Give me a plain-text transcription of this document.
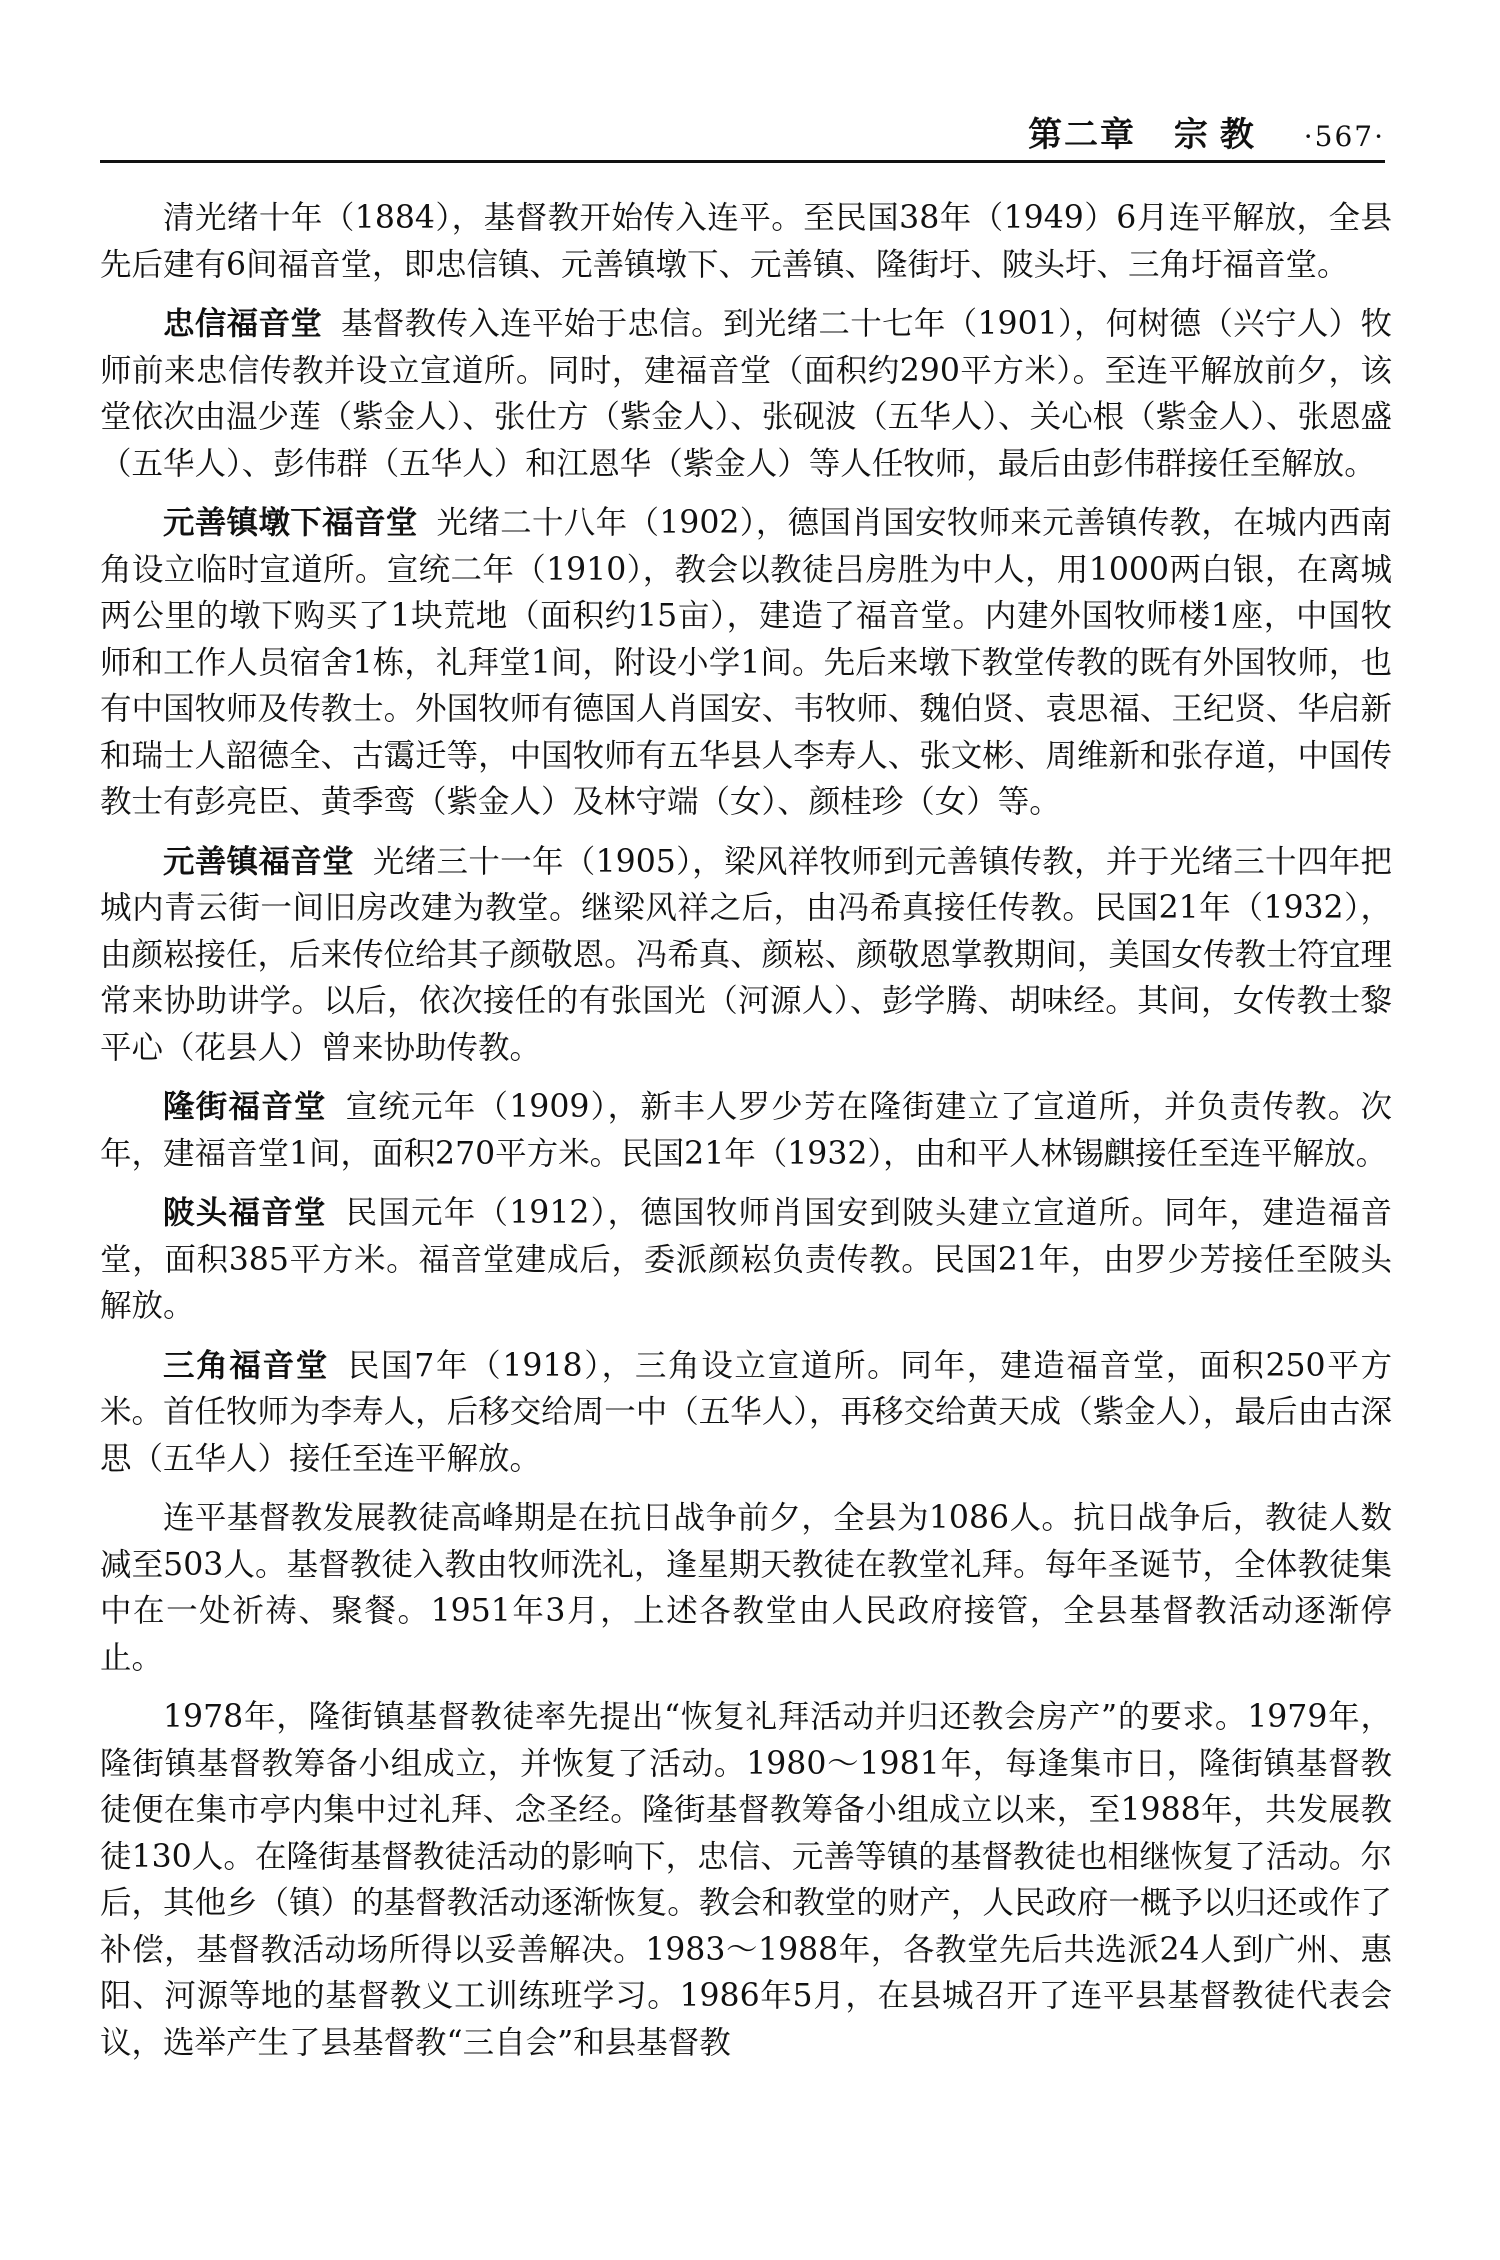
第二章 宗教 ·567·

清光绪十年（1884），基督教开始传入连平。至民国38年（1949）6月连平解放，全县先后建有6间福音堂，即忠信镇、元善镇墩下、元善镇、隆街圩、陂头圩、三角圩福音堂。

忠信福音堂 基督教传入连平始于忠信。到光绪二十七年（1901），何树德（兴宁人）牧师前来忠信传教并设立宣道所。同时，建福音堂（面积约290平方米）。至连平解放前夕，该堂依次由温少莲（紫金人）、张仕方（紫金人）、张砚波（五华人）、关心根（紫金人）、张恩盛（五华人）、彭伟群（五华人）和江恩华（紫金人）等人任牧师，最后由彭伟群接任至解放。

元善镇墩下福音堂 光绪二十八年（1902），德国肖国安牧师来元善镇传教，在城内西南角设立临时宣道所。宣统二年（1910），教会以教徒吕房胜为中人，用1000两白银，在离城两公里的墩下购买了1块荒地（面积约15亩），建造了福音堂。内建外国牧师楼1座，中国牧师和工作人员宿舍1栋，礼拜堂1间，附设小学1间。先后来墩下教堂传教的既有外国牧师，也有中国牧师及传教士。外国牧师有德国人肖国安、韦牧师、魏伯贤、袁思福、王纪贤、华启新和瑞士人韶德全、古霭迁等，中国牧师有五华县人李寿人、张文彬、周维新和张存道，中国传教士有彭亮臣、黄季鸾（紫金人）及林守端（女）、颜桂珍（女）等。

元善镇福音堂 光绪三十一年（1905），梁风祥牧师到元善镇传教，并于光绪三十四年把城内青云街一间旧房改建为教堂。继梁风祥之后，由冯希真接任传教。民国21年（1932），由颜崧接任，后来传位给其子颜敬恩。冯希真、颜崧、颜敬恩掌教期间，美国女传教士符宜理常来协助讲学。以后，依次接任的有张国光（河源人）、彭学腾、胡味经。其间，女传教士黎平心（花县人）曾来协助传教。

隆街福音堂 宣统元年（1909），新丰人罗少芳在隆街建立了宣道所，并负责传教。次年，建福音堂1间，面积270平方米。民国21年（1932），由和平人林锡麒接任至连平解放。

陂头福音堂 民国元年（1912），德国牧师肖国安到陂头建立宣道所。同年，建造福音堂，面积385平方米。福音堂建成后，委派颜崧负责传教。民国21年，由罗少芳接任至陂头解放。

三角福音堂 民国7年（1918），三角设立宣道所。同年，建造福音堂，面积250平方米。首任牧师为李寿人，后移交给周一中（五华人），再移交给黄天成（紫金人），最后由古深思（五华人）接任至连平解放。

连平基督教发展教徒高峰期是在抗日战争前夕，全县为1086人。抗日战争后，教徒人数减至503人。基督教徒入教由牧师洗礼，逢星期天教徒在教堂礼拜。每年圣诞节，全体教徒集中在一处祈祷、聚餐。1951年3月，上述各教堂由人民政府接管，全县基督教活动逐渐停止。

1978年，隆街镇基督教徒率先提出“恢复礼拜活动并归还教会房产”的要求。1979年，隆街镇基督教筹备小组成立，并恢复了活动。1980～1981年，每逢集市日，隆街镇基督教徒便在集市亭内集中过礼拜、念圣经。隆街基督教筹备小组成立以来，至1988年，共发展教徒130人。在隆街基督教徒活动的影响下，忠信、元善等镇的基督教徒也相继恢复了活动。尔后，其他乡（镇）的基督教活动逐渐恢复。教会和教堂的财产，人民政府一概予以归还或作了补偿，基督教活动场所得以妥善解决。1983～1988年，各教堂先后共选派24人到广州、惠阳、河源等地的基督教义工训练班学习。1986年5月，在县城召开了连平县基督教徒代表会议，选举产生了县基督教“三自会”和县基督教
